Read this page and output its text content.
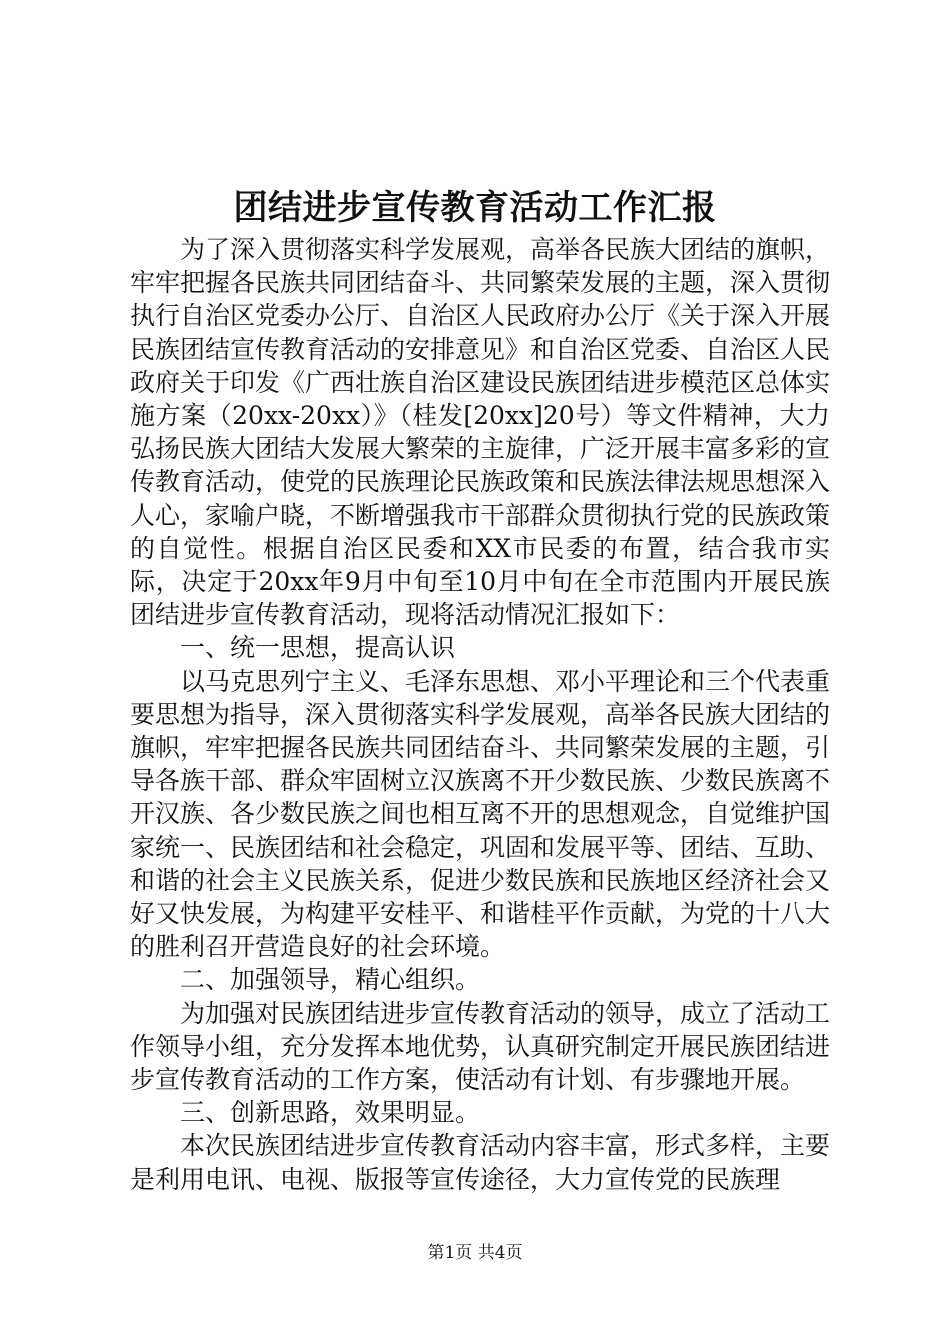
团结进步宣传教育活动工作汇报

为了深入贯彻落实科学发展观，高举各民族大团结的旗帜，牢牢把握各民族共同团结奋斗、共同繁荣发展的主题，深入贯彻执行自治区党委办公厅、自治区人民政府办公厅《关于深入开展民族团结宣传教育活动的安排意见》和自治区党委、自治区人民政府关于印发《广西壮族自治区建设民族团结进步模范区总体实施方案（20xx-20xx）》（桂发[20xx]20号）等文件精神，大力弘扬民族大团结大发展大繁荣的主旋律，广泛开展丰富多彩的宣传教育活动，使党的民族理论民族政策和民族法律法规思想深入人心，家喻户晓，不断增强我市干部群众贯彻执行党的民族政策的自觉性。根据自治区民委和XX市民委的布置，结合我市实际，决定于20xx年9月中旬至10月中旬在全市范围内开展民族团结进步宣传教育活动，现将活动情况汇报如下：

一、统一思想，提高认识

以马克思列宁主义、毛泽东思想、邓小平理论和三个代表重要思想为指导，深入贯彻落实科学发展观，高举各民族大团结的旗帜，牢牢把握各民族共同团结奋斗、共同繁荣发展的主题，引导各族干部、群众牢固树立汉族离不开少数民族、少数民族离不开汉族、各少数民族之间也相互离不开的思想观念，自觉维护国家统一、民族团结和社会稳定，巩固和发展平等、团结、互助、和谐的社会主义民族关系，促进少数民族和民族地区经济社会又好又快发展，为构建平安桂平、和谐桂平作贡献，为党的十八大的胜利召开营造良好的社会环境。

二、加强领导，精心组织。

为加强对民族团结进步宣传教育活动的领导，成立了活动工作领导小组，充分发挥本地优势，认真研究制定开展民族团结进步宣传教育活动的工作方案，使活动有计划、有步骤地开展。

三、创新思路，效果明显。

本次民族团结进步宣传教育活动内容丰富，形式多样，主要是利用电讯、电视、版报等宣传途径，大力宣传党的民族理

第1页 共4页
